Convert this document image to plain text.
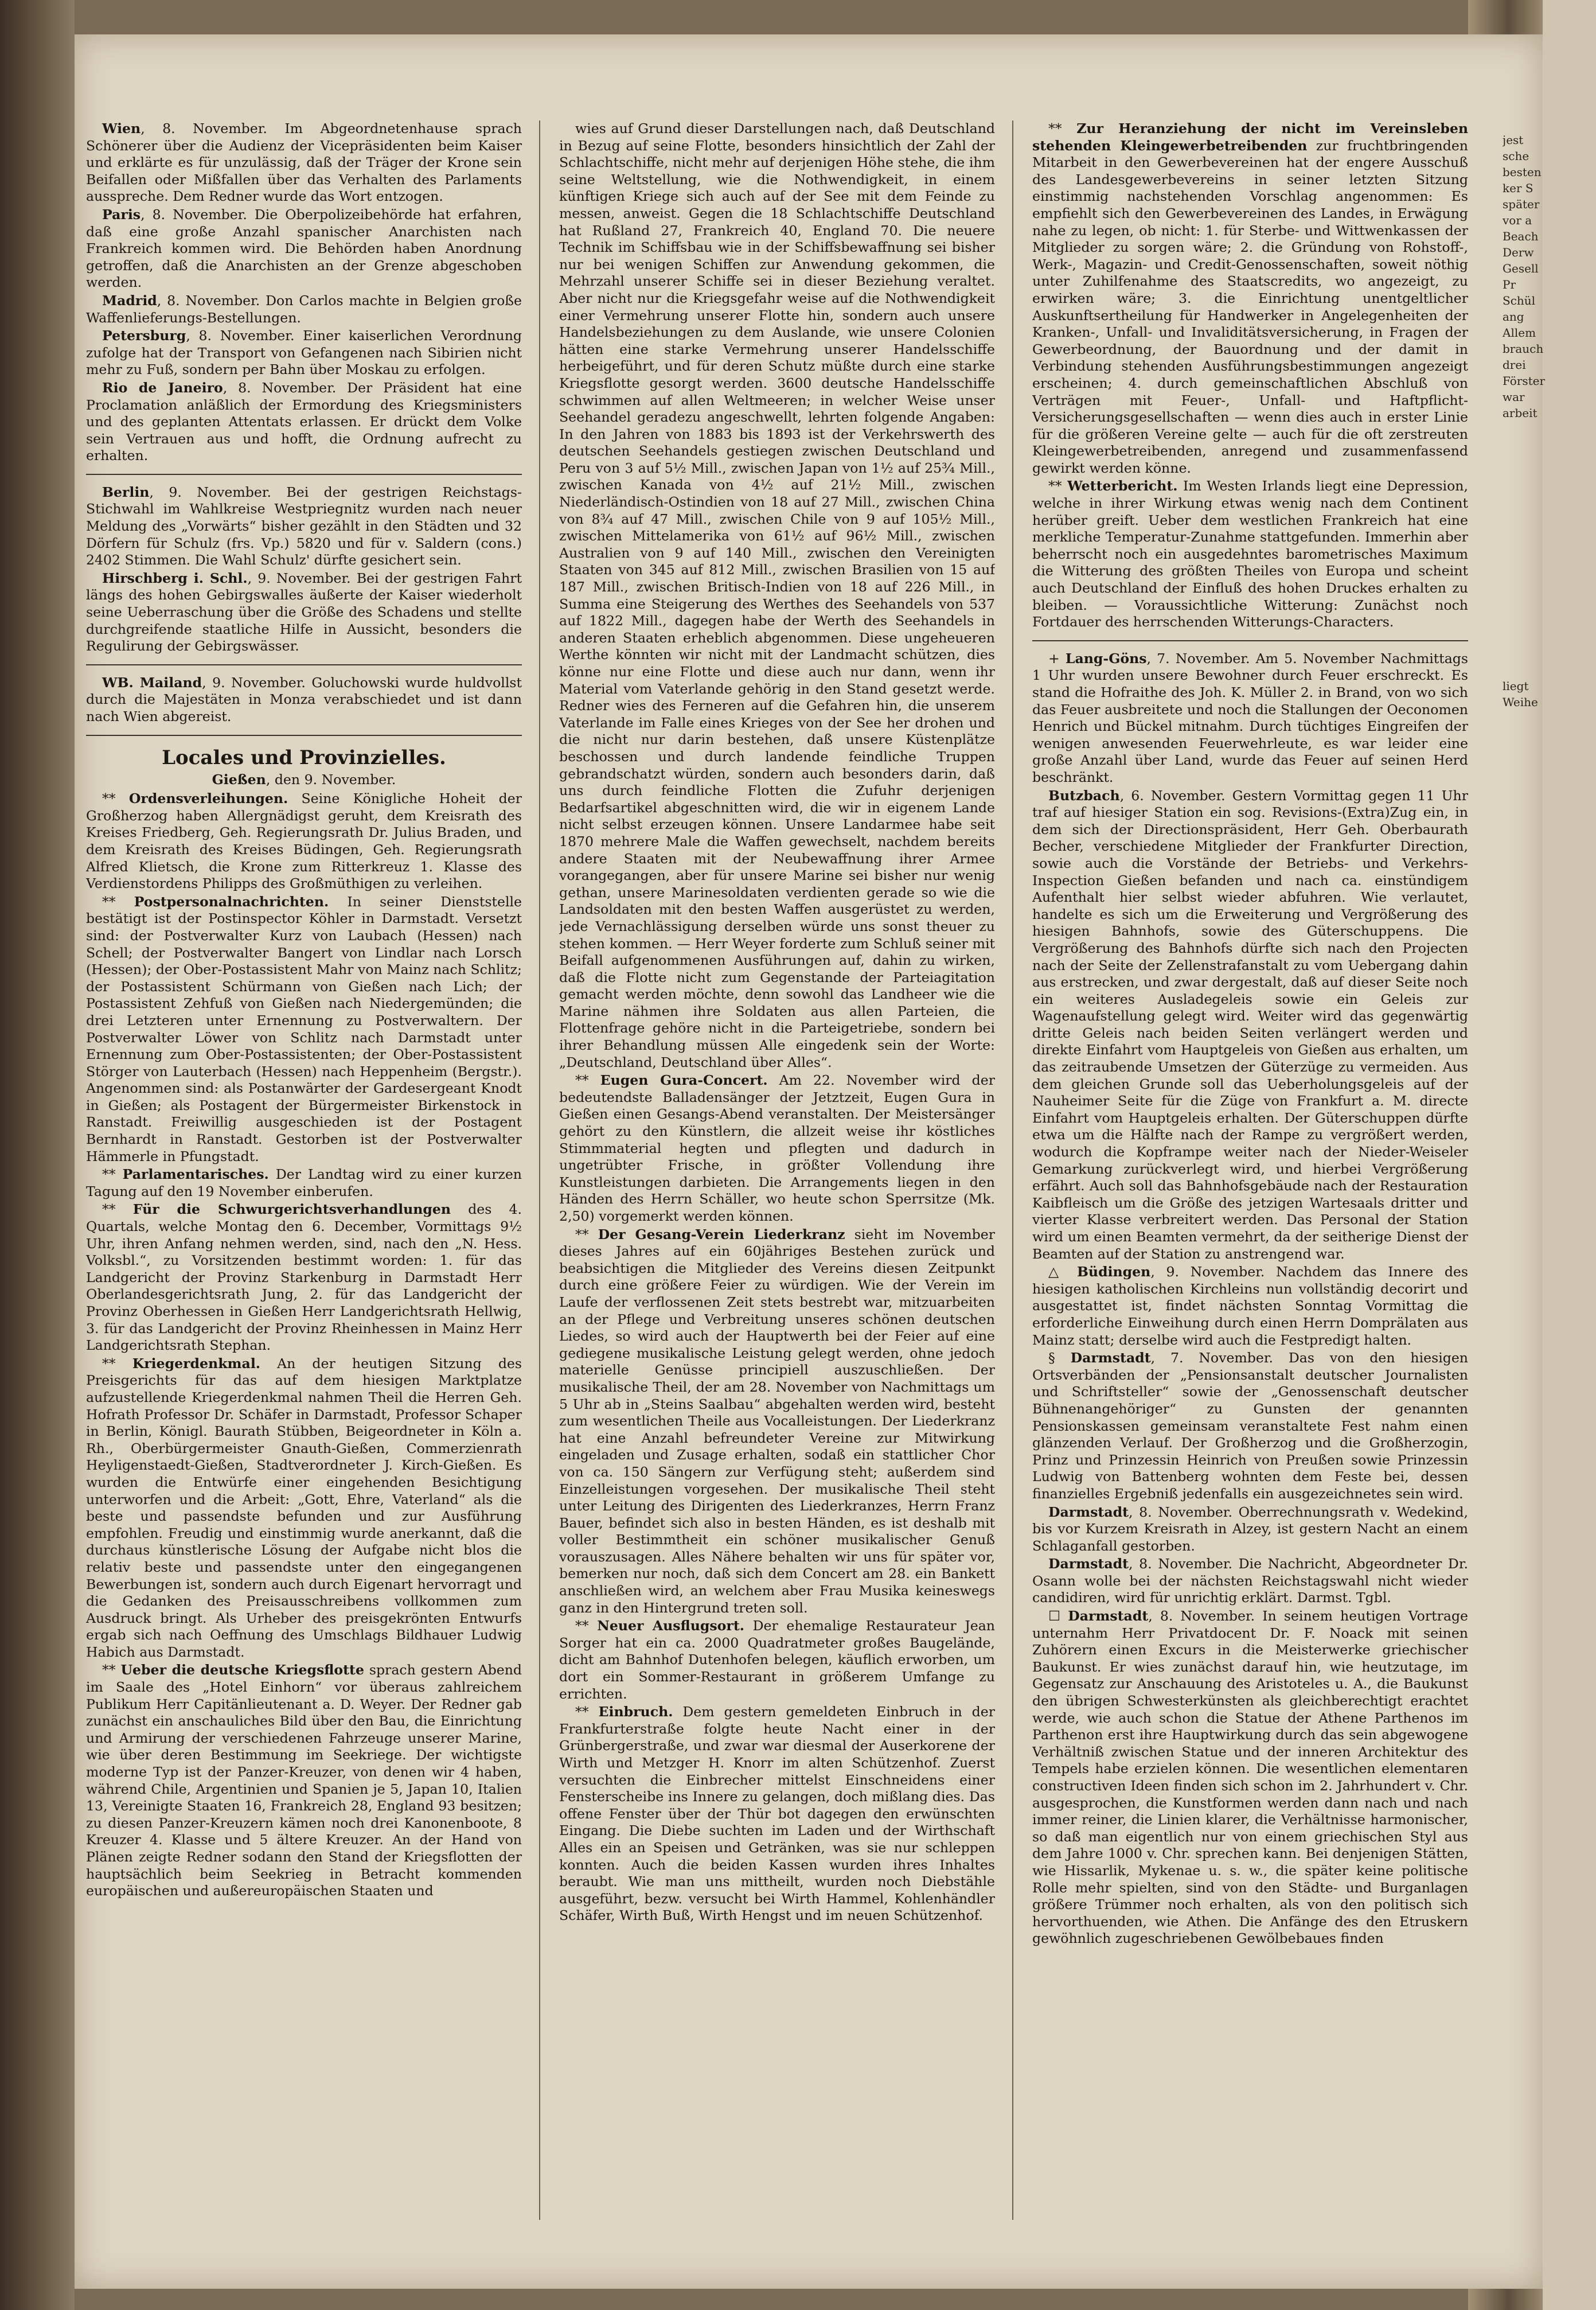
Wien, 8. November. Im Abgeordnetenhause sprach Schönerer über die Audienz der Vicepräsidenten beim Kaiser und erklärte es für unzulässig, daß der Träger der Krone sein Beifallen oder Mißfallen über das Verhalten des Parlaments ausspreche. Dem Redner wurde das Wort entzogen.

Paris, 8. November. Die Oberpolizeibehörde hat erfahren, daß eine große Anzahl spanischer Anarchisten nach Frankreich kommen wird. Die Behörden haben Anordnung getroffen, daß die Anarchisten an der Grenze abgeschoben werden.

Madrid, 8. November. Don Carlos machte in Belgien große Waffenlieferungs-Bestellungen.

Petersburg, 8. November. Einer kaiserlichen Verordnung zufolge hat der Transport von Gefangenen nach Sibirien nicht mehr zu Fuß, sondern per Bahn über Moskau zu erfolgen.

Rio de Janeiro, 8. November. Der Präsident hat eine Proclamation anläßlich der Ermordung des Kriegsministers und des geplanten Attentats erlassen. Er drückt dem Volke sein Vertrauen aus und hofft, die Ordnung aufrecht zu erhalten.

Berlin, 9. November. Bei der gestrigen Reichstags-Stichwahl im Wahlkreise Westpriegnitz wurden nach neuer Meldung des „Vorwärts“ bisher gezählt in den Städten und 32 Dörfern für Schulz (frs. Vp.) 5820 und für v. Saldern (cons.) 2402 Stimmen. Die Wahl Schulz' dürfte gesichert sein.

Hirschberg i. Schl., 9. November. Bei der gestrigen Fahrt längs des hohen Gebirgswalles äußerte der Kaiser wiederholt seine Ueberraschung über die Größe des Schadens und stellte durchgreifende staatliche Hilfe in Aussicht, besonders die Regulirung der Gebirgswässer.

WB. Mailand, 9. November. Goluchowski wurde huldvollst durch die Majestäten in Monza verabschiedet und ist dann nach Wien abgereist.

Locales und Provinzielles.

Gießen, den 9. November.

** Ordensverleihungen. Seine Königliche Hoheit der Großherzog haben Allergnädigst geruht, dem Kreisrath des Kreises Friedberg, Geh. Regierungsrath Dr. Julius Braden, und dem Kreisrath des Kreises Büdingen, Geh. Regierungsrath Alfred Klietsch, die Krone zum Ritterkreuz 1. Klasse des Verdienstordens Philipps des Großmüthigen zu verleihen.

** Postpersonalnachrichten. In seiner Dienststelle bestätigt ist der Postinspector Köhler in Darmstadt. Versetzt sind: der Postverwalter Kurz von Laubach (Hessen) nach Schell; der Postverwalter Bangert von Lindlar nach Lorsch (Hessen); der Ober-Postassistent Mahr von Mainz nach Schlitz; der Postassistent Schürmann von Gießen nach Lich; der Postassistent Zehfuß von Gießen nach Niedergemünden; die drei Letzteren unter Ernennung zu Postverwaltern. Der Postverwalter Löwer von Schlitz nach Darmstadt unter Ernennung zum Ober-Postassistenten; der Ober-Postassistent Störger von Lauterbach (Hessen) nach Heppenheim (Bergstr.). Angenommen sind: als Postanwärter der Gardesergeant Knodt in Gießen; als Postagent der Bürgermeister Birkenstock in Ranstadt. Freiwillig ausgeschieden ist der Postagent Bernhardt in Ranstadt. Gestorben ist der Postverwalter Hämmerle in Pfungstadt.

** Parlamentarisches. Der Landtag wird zu einer kurzen Tagung auf den 19 November einberufen.

** Für die Schwurgerichtsverhandlungen des 4. Quartals, welche Montag den 6. December, Vormittags 9½ Uhr, ihren Anfang nehmen werden, sind, nach den „N. Hess. Volksbl.“, zu Vorsitzenden bestimmt worden: 1. für das Landgericht der Provinz Starkenburg in Darmstadt Herr Oberlandesgerichtsrath Jung, 2. für das Landgericht der Provinz Oberhessen in Gießen Herr Landgerichtsrath Hellwig, 3. für das Landgericht der Provinz Rheinhessen in Mainz Herr Landgerichtsrath Stephan.

** Kriegerdenkmal. An der heutigen Sitzung des Preisgerichts für das auf dem hiesigen Marktplatze aufzustellende Kriegerdenkmal nahmen Theil die Herren Geh. Hofrath Professor Dr. Schäfer in Darmstadt, Professor Schaper in Berlin, Königl. Baurath Stübben, Beigeordneter in Köln a. Rh., Oberbürgermeister Gnauth-Gießen, Commerzienrath Heyligenstaedt-Gießen, Stadtverordneter J. Kirch-Gießen. Es wurden die Entwürfe einer eingehenden Besichtigung unterworfen und die Arbeit: „Gott, Ehre, Vaterland“ als die beste und passendste befunden und zur Ausführung empfohlen. Freudig und einstimmig wurde anerkannt, daß die durchaus künstlerische Lösung der Aufgabe nicht blos die relativ beste und passendste unter den eingegangenen Bewerbungen ist, sondern auch durch Eigenart hervorragt und die Gedanken des Preisausschreibens vollkommen zum Ausdruck bringt. Als Urheber des preisgekrönten Entwurfs ergab sich nach Oeffnung des Umschlags Bildhauer Ludwig Habich aus Darmstadt.

** Ueber die deutsche Kriegsflotte sprach gestern Abend im Saale des „Hotel Einhorn“ vor überaus zahlreichem Publikum Herr Capitänlieutenant a. D. Weyer. Der Redner gab zunächst ein anschauliches Bild über den Bau, die Einrichtung und Armirung der verschiedenen Fahrzeuge unserer Marine, wie über deren Bestimmung im Seekriege. Der wichtigste moderne Typ ist der Panzer-Kreuzer, von denen wir 4 haben, während Chile, Argentinien und Spanien je 5, Japan 10, Italien 13, Vereinigte Staaten 16, Frankreich 28, England 93 besitzen; zu diesen Panzer-Kreuzern kämen noch drei Kanonenboote, 8 Kreuzer 4. Klasse und 5 ältere Kreuzer. An der Hand von Plänen zeigte Redner sodann den Stand der Kriegsflotten der hauptsächlich beim Seekrieg in Betracht kommenden europäischen und außereuropäischen Staaten und

wies auf Grund dieser Darstellungen nach, daß Deutschland in Bezug auf seine Flotte, besonders hinsichtlich der Zahl der Schlachtschiffe, nicht mehr auf derjenigen Höhe stehe, die ihm seine Weltstellung, wie die Nothwendigkeit, in einem künftigen Kriege sich auch auf der See mit dem Feinde zu messen, anweist. Gegen die 18 Schlachtschiffe Deutschland hat Rußland 27, Frankreich 40, England 70. Die neuere Technik im Schiffsbau wie in der Schiffsbewaffnung sei bisher nur bei wenigen Schiffen zur Anwendung gekommen, die Mehrzahl unserer Schiffe sei in dieser Beziehung veraltet. Aber nicht nur die Kriegsgefahr weise auf die Nothwendigkeit einer Vermehrung unserer Flotte hin, sondern auch unsere Handelsbeziehungen zu dem Auslande, wie unsere Colonien hätten eine starke Vermehrung unserer Handelsschiffe herbeigeführt, und für deren Schutz müßte durch eine starke Kriegsflotte gesorgt werden. 3600 deutsche Handelsschiffe schwimmen auf allen Weltmeeren; in welcher Weise unser Seehandel geradezu angeschwellt, lehrten folgende Angaben: In den Jahren von 1883 bis 1893 ist der Verkehrswerth des deutschen Seehandels gestiegen zwischen Deutschland und Peru von 3 auf 5½ Mill., zwischen Japan von 1½ auf 25¾ Mill., zwischen Kanada von 4½ auf 21½ Mill., zwischen Niederländisch-Ostindien von 18 auf 27 Mill., zwischen China von 8¾ auf 47 Mill., zwischen Chile von 9 auf 105½ Mill., zwischen Mittelamerika von 61½ auf 96½ Mill., zwischen Australien von 9 auf 140 Mill., zwischen den Vereinigten Staaten von 345 auf 812 Mill., zwischen Brasilien von 15 auf 187 Mill., zwischen Britisch-Indien von 18 auf 226 Mill., in Summa eine Steigerung des Werthes des Seehandels von 537 auf 1822 Mill., dagegen habe der Werth des Seehandels in anderen Staaten erheblich abgenommen. Diese ungeheueren Werthe könnten wir nicht mit der Landmacht schützen, dies könne nur eine Flotte und diese auch nur dann, wenn ihr Material vom Vaterlande gehörig in den Stand gesetzt werde. Redner wies des Ferneren auf die Gefahren hin, die unserem Vaterlande im Falle eines Krieges von der See her drohen und die nicht nur darin bestehen, daß unsere Küstenplätze beschossen und durch landende feindliche Truppen gebrandschatzt würden, sondern auch besonders darin, daß uns durch feindliche Flotten die Zufuhr derjenigen Bedarfsartikel abgeschnitten wird, die wir in eigenem Lande nicht selbst erzeugen können. Unsere Landarmee habe seit 1870 mehrere Male die Waffen gewechselt, nachdem bereits andere Staaten mit der Neubewaffnung ihrer Armee vorangegangen, aber für unsere Marine sei bisher nur wenig gethan, unsere Marinesoldaten verdienten gerade so wie die Landsoldaten mit den besten Waffen ausgerüstet zu werden, jede Vernachlässigung derselben würde uns sonst theuer zu stehen kommen. — Herr Weyer forderte zum Schluß seiner mit Beifall aufgenommenen Ausführungen auf, dahin zu wirken, daß die Flotte nicht zum Gegenstande der Parteiagitation gemacht werden möchte, denn sowohl das Landheer wie die Marine nähmen ihre Soldaten aus allen Parteien, die Flottenfrage gehöre nicht in die Parteigetriebe, sondern bei ihrer Behandlung müssen Alle eingedenk sein der Worte: „Deutschland, Deutschland über Alles“.

** Eugen Gura-Concert. Am 22. November wird der bedeutendste Balladensänger der Jetztzeit, Eugen Gura in Gießen einen Gesangs-Abend veranstalten. Der Meistersänger gehört zu den Künstlern, die allzeit weise ihr köstliches Stimmmaterial hegten und pflegten und dadurch in ungetrübter Frische, in größter Vollendung ihre Kunstleistungen darbieten. Die Arrangements liegen in den Händen des Herrn Schäller, wo heute schon Sperrsitze (Mk. 2,50) vorgemerkt werden können.

** Der Gesang-Verein Liederkranz sieht im November dieses Jahres auf ein 60jähriges Bestehen zurück und beabsichtigen die Mitglieder des Vereins diesen Zeitpunkt durch eine größere Feier zu würdigen. Wie der Verein im Laufe der verflossenen Zeit stets bestrebt war, mitzuarbeiten an der Pflege und Verbreitung unseres schönen deutschen Liedes, so wird auch der Hauptwerth bei der Feier auf eine gediegene musikalische Leistung gelegt werden, ohne jedoch materielle Genüsse principiell auszuschließen. Der musikalische Theil, der am 28. November von Nachmittags um 5 Uhr ab in „Steins Saalbau“ abgehalten werden wird, besteht zum wesentlichen Theile aus Vocalleistungen. Der Liederkranz hat eine Anzahl befreundeter Vereine zur Mitwirkung eingeladen und Zusage erhalten, sodaß ein stattlicher Chor von ca. 150 Sängern zur Verfügung steht; außerdem sind Einzelleistungen vorgesehen. Der musikalische Theil steht unter Leitung des Dirigenten des Liederkranzes, Herrn Franz Bauer, befindet sich also in besten Händen, es ist deshalb mit voller Bestimmtheit ein schöner musikalischer Genuß vorauszusagen. Alles Nähere behalten wir uns für später vor, bemerken nur noch, daß sich dem Concert am 28. ein Bankett anschließen wird, an welchem aber Frau Musika keineswegs ganz in den Hintergrund treten soll.

** Neuer Ausflugsort. Der ehemalige Restaurateur Jean Sorger hat ein ca. 2000 Quadratmeter großes Baugelände, dicht am Bahnhof Dutenhofen belegen, käuflich erworben, um dort ein Sommer-Restaurant in größerem Umfange zu errichten.

** Einbruch. Dem gestern gemeldeten Einbruch in der Frankfurterstraße folgte heute Nacht einer in der Grünbergerstraße, und zwar war diesmal der Auserkorene der Wirth und Metzger H. Knorr im alten Schützenhof. Zuerst versuchten die Einbrecher mittelst Einschneidens einer Fensterscheibe ins Innere zu gelangen, doch mißlang dies. Das offene Fenster über der Thür bot dagegen den erwünschten Eingang. Die Diebe suchten im Laden und der Wirthschaft Alles ein an Speisen und Getränken, was sie nur schleppen konnten. Auch die beiden Kassen wurden ihres Inhaltes beraubt. Wie man uns mittheilt, wurden noch Diebstähle ausgeführt, bezw. versucht bei Wirth Hammel, Kohlenhändler Schäfer, Wirth Buß, Wirth Hengst und im neuen Schützenhof.

** Zur Heranziehung der nicht im Vereinsleben stehenden Kleingewerbetreibenden zur fruchtbringenden Mitarbeit in den Gewerbevereinen hat der engere Ausschuß des Landesgewerbevereins in seiner letzten Sitzung einstimmig nachstehenden Vorschlag angenommen: Es empfiehlt sich den Gewerbevereinen des Landes, in Erwägung nahe zu legen, ob nicht: 1. für Sterbe- und Wittwenkassen der Mitglieder zu sorgen wäre; 2. die Gründung von Rohstoff-, Werk-, Magazin- und Credit-Genossenschaften, soweit nöthig unter Zuhilfenahme des Staatscredits, wo angezeigt, zu erwirken wäre; 3. die Einrichtung unentgeltlicher Auskunftsertheilung für Handwerker in Angelegenheiten der Kranken-, Unfall- und Invaliditätsversicherung, in Fragen der Gewerbeordnung, der Bauordnung und der damit in Verbindung stehenden Ausführungsbestimmungen angezeigt erscheinen; 4. durch gemeinschaftlichen Abschluß von Verträgen mit Feuer-, Unfall- und Haftpflicht-Versicherungsgesellschaften — wenn dies auch in erster Linie für die größeren Vereine gelte — auch für die oft zerstreuten Kleingewerbetreibenden, anregend und zusammenfassend gewirkt werden könne.

** Wetterbericht. Im Westen Irlands liegt eine Depression, welche in ihrer Wirkung etwas wenig nach dem Continent herüber greift. Ueber dem westlichen Frankreich hat eine merkliche Temperatur-Zunahme stattgefunden. Immerhin aber beherrscht noch ein ausgedehntes barometrisches Maximum die Witterung des größten Theiles von Europa und scheint auch Deutschland der Einfluß des hohen Druckes erhalten zu bleiben. — Voraussichtliche Witterung: Zunächst noch Fortdauer des herrschenden Witterungs-Characters.

+ Lang-Göns, 7. November. Am 5. November Nachmittags 1 Uhr wurden unsere Bewohner durch Feuer erschreckt. Es stand die Hofraithe des Joh. K. Müller 2. in Brand, von wo sich das Feuer ausbreitete und noch die Stallungen der Oeconomen Henrich und Bückel mitnahm. Durch tüchtiges Eingreifen der wenigen anwesenden Feuerwehrleute, es war leider eine große Anzahl über Land, wurde das Feuer auf seinen Herd beschränkt.

Butzbach, 6. November. Gestern Vormittag gegen 11 Uhr traf auf hiesiger Station ein sog. Revisions-(Extra)Zug ein, in dem sich der Directionspräsident, Herr Geh. Oberbaurath Becher, verschiedene Mitglieder der Frankfurter Direction, sowie auch die Vorstände der Betriebs- und Verkehrs-Inspection Gießen befanden und nach ca. einstündigem Aufenthalt hier selbst wieder abfuhren. Wie verlautet, handelte es sich um die Erweiterung und Vergrößerung des hiesigen Bahnhofs, sowie des Güterschuppens. Die Vergrößerung des Bahnhofs dürfte sich nach den Projecten nach der Seite der Zellenstrafanstalt zu vom Uebergang dahin aus erstrecken, und zwar dergestalt, daß auf dieser Seite noch ein weiteres Ausladegeleis sowie ein Geleis zur Wagenaufstellung gelegt wird. Weiter wird das gegenwärtig dritte Geleis nach beiden Seiten verlängert werden und direkte Einfahrt vom Hauptgeleis von Gießen aus erhalten, um das zeitraubende Umsetzen der Güterzüge zu vermeiden. Aus dem gleichen Grunde soll das Ueberholungsgeleis auf der Nauheimer Seite für die Züge von Frankfurt a. M. directe Einfahrt vom Hauptgeleis erhalten. Der Güterschuppen dürfte etwa um die Hälfte nach der Rampe zu vergrößert werden, wodurch die Kopframpe weiter nach der Nieder-Weiseler Gemarkung zurückverlegt wird, und hierbei Vergrößerung erfährt. Auch soll das Bahnhofsgebäude nach der Restauration Kaibfleisch um die Größe des jetzigen Wartesaals dritter und vierter Klasse verbreitert werden. Das Personal der Station wird um einen Beamten vermehrt, da der seitherige Dienst der Beamten auf der Station zu anstrengend war.

△ Büdingen, 9. November. Nachdem das Innere des hiesigen katholischen Kirchleins nun vollständig decorirt und ausgestattet ist, findet nächsten Sonntag Vormittag die erforderliche Einweihung durch einen Herrn Domprälaten aus Mainz statt; derselbe wird auch die Festpredigt halten.

§ Darmstadt, 7. November. Das von den hiesigen Ortsverbänden der „Pensionsanstalt deutscher Journalisten und Schriftsteller“ sowie der „Genossenschaft deutscher Bühnenangehöriger“ zu Gunsten der genannten Pensionskassen gemeinsam veranstaltete Fest nahm einen glänzenden Verlauf. Der Großherzog und die Großherzogin, Prinz und Prinzessin Heinrich von Preußen sowie Prinzessin Ludwig von Battenberg wohnten dem Feste bei, dessen finanzielles Ergebniß jedenfalls ein ausgezeichnetes sein wird.

Darmstadt, 8. November. Oberrechnungsrath v. Wedekind, bis vor Kurzem Kreisrath in Alzey, ist gestern Nacht an einem Schlaganfall gestorben.

Darmstadt, 8. November. Die Nachricht, Abgeordneter Dr. Osann wolle bei der nächsten Reichstagswahl nicht wieder candidiren, wird für unrichtig erklärt. Darmst. Tgbl.

☐ Darmstadt, 8. November. In seinem heutigen Vortrage unternahm Herr Privatdocent Dr. F. Noack mit seinen Zuhörern einen Excurs in die Meisterwerke griechischer Baukunst. Er wies zunächst darauf hin, wie heutzutage, im Gegensatz zur Anschauung des Aristoteles u. A., die Baukunst den übrigen Schwesterkünsten als gleichberechtigt erachtet werde, wie auch schon die Statue der Athene Parthenos im Parthenon erst ihre Hauptwirkung durch das sein abgewogene Verhältniß zwischen Statue und der inneren Architektur des Tempels habe erzielen können. Die wesentlichen elementaren constructiven Ideen finden sich schon im 2. Jahrhundert v. Chr. ausgesprochen, die Kunstformen werden dann nach und nach immer reiner, die Linien klarer, die Verhältnisse harmonischer, so daß man eigentlich nur von einem griechischen Styl aus dem Jahre 1000 v. Chr. sprechen kann. Bei denjenigen Stätten, wie Hissarlik, Mykenae u. s. w., die später keine politische Rolle mehr spielten, sind von den Städte- und Burganlagen größere Trümmer noch erhalten, als von den politisch sich hervorthuenden, wie Athen. Die Anfänge des den Etruskern gewöhnlich zugeschriebenen Gewölbebaues finden

jest
sche
besten
ker S
später
vor a
Beach
Derw
Gesell
Pr
Schül
ang
Allem
brauch
drei
Förster
war
arbeit

liegt
Weihe
